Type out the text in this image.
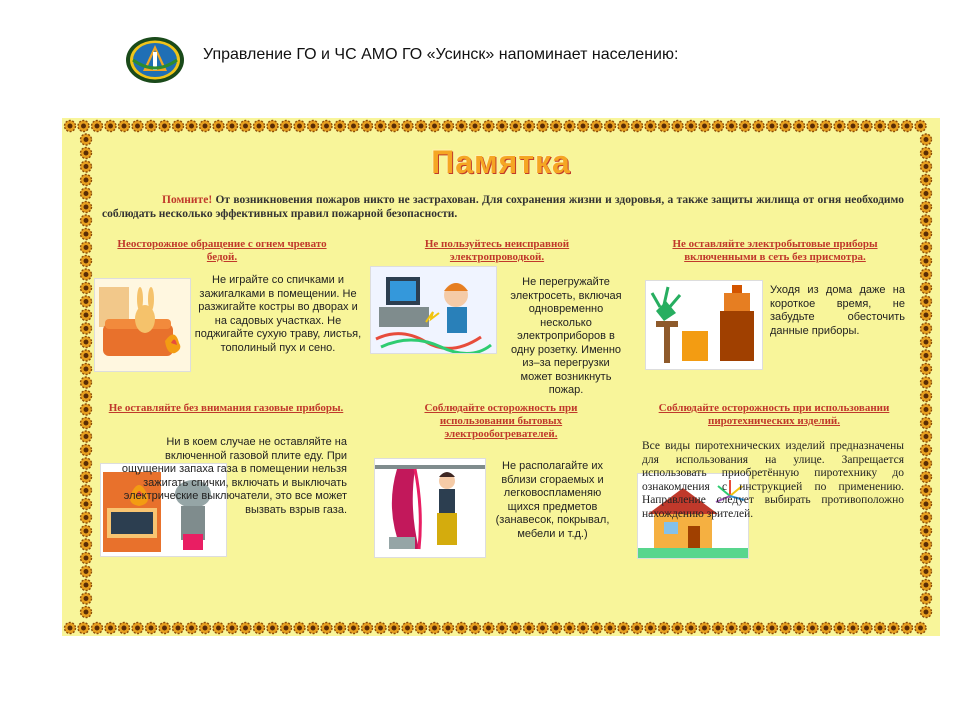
Управление ГО и ЧС АМО ГО «Усинск» напоминает населению:
Памятка
Помните! От возникновения пожаров никто не застрахован. Для сохранения жизни и здоровья, а также защиты жилища от огня необходимо соблюдать несколько эффективных правил пожарной безопасности.
Неосторожное обращение с огнем чревато бедой.
Не играйте со спичками и зажигалками в помещении. Не разжигайте костры во дворах и на садовых участках. Не поджигайте сухую траву, листья, тополиный пух и сено.
Не пользуйтесь неисправной электропроводкой.
Не перегружайте электросеть, включая одновременно несколько электроприборов в одну розетку. Именно из–за перегрузки может возникнуть пожар.
Не оставляйте электробытовые приборы включенными в сеть без присмотра.
Уходя из дома даже на короткое время, не забудьте обесточить данные приборы.
Не оставляйте без внимания газовые приборы.
Ни в коем случае не оставляйте на включенной газовой плите еду. При ощущении запаха газа в помещении нельзя зажигать спички, включать и выключать электрические выключатели, это все может вызвать взрыв газа.
Соблюдайте осторожность при использовании бытовых электрообогревателей.
Не располагайте их вблизи сгораемых и легковоспламеняю щихся предметов (занавесок, покрывал, мебели и т.д.)
Соблюдайте осторожность при использовании пиротехнических изделий.
Все виды пиротехнических изделий предназначены для использования на улице. Запрещается использовать приобретённую пиротехнику до ознакомления с инструкцией по применению. Направление следует выбирать противоположно нахождению зрителей.
